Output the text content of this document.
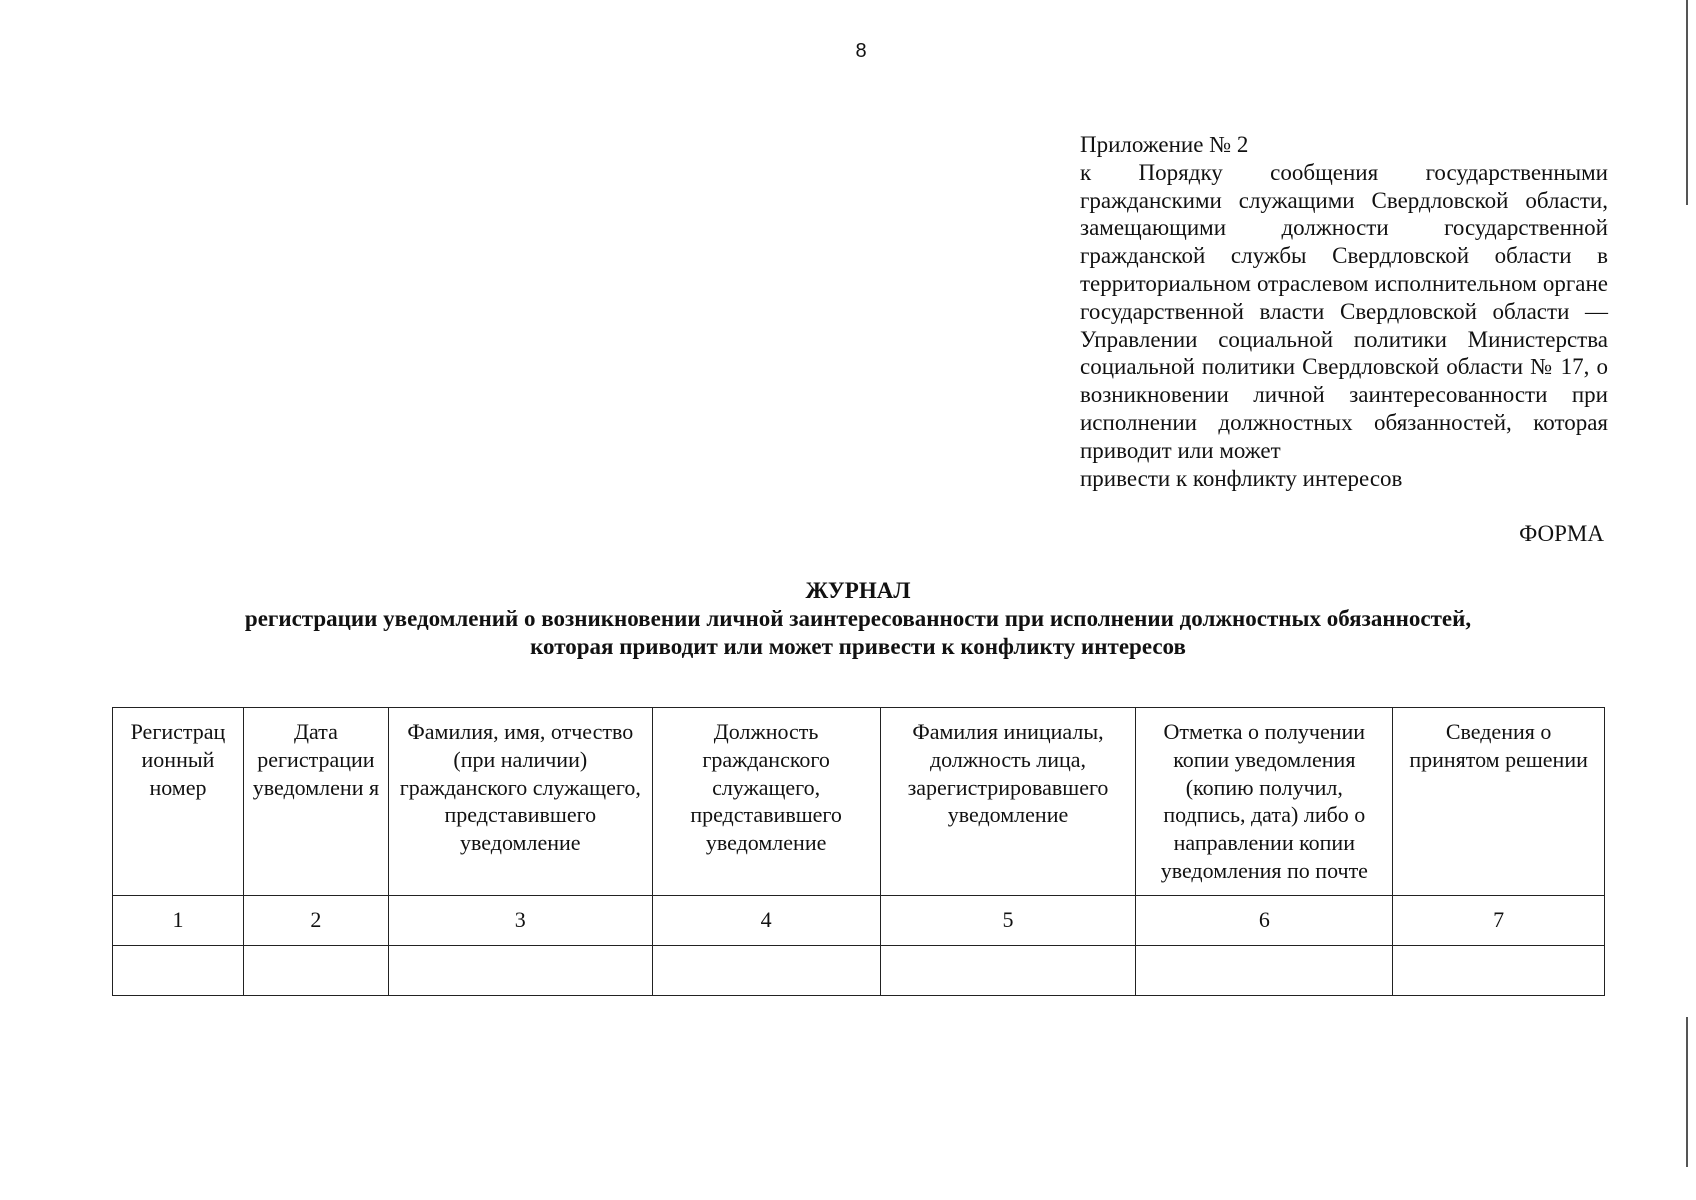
8
Приложение № 2
к Порядку сообщения государственными гражданскими служащими Свердловской области, замещающими должности государственной гражданской службы Свердловской области в территориальном отраслевом исполнительном органе государственной власти Свердловской области — Управлении социальной политики Министерства социальной политики Свердловской области № 17, о возникновении личной заинтересованности при исполнении должностных обязанностей, которая приводит или может
привести к конфликту интересов
ФОРМА
ЖУРНАЛ
регистрации уведомлений о возникновении личной заинтересованности при исполнении должностных обязанностей,
которая приводит или может привести к конфликту интересов
Регистрац ионный номер	Дата регистрации уведомлени я	Фамилия, имя, отчество (при наличии) гражданского служащего, представившего уведомление	Должность гражданского служащего, представившего уведомление	Фамилия инициалы, должность лица, зарегистрировавшего уведомление	Отметка о получении копии уведомления (копию получил, подпись, дата) либо о направлении копии уведомления по почте	Сведения о принятом решении
1	2	3	4	5	6	7
